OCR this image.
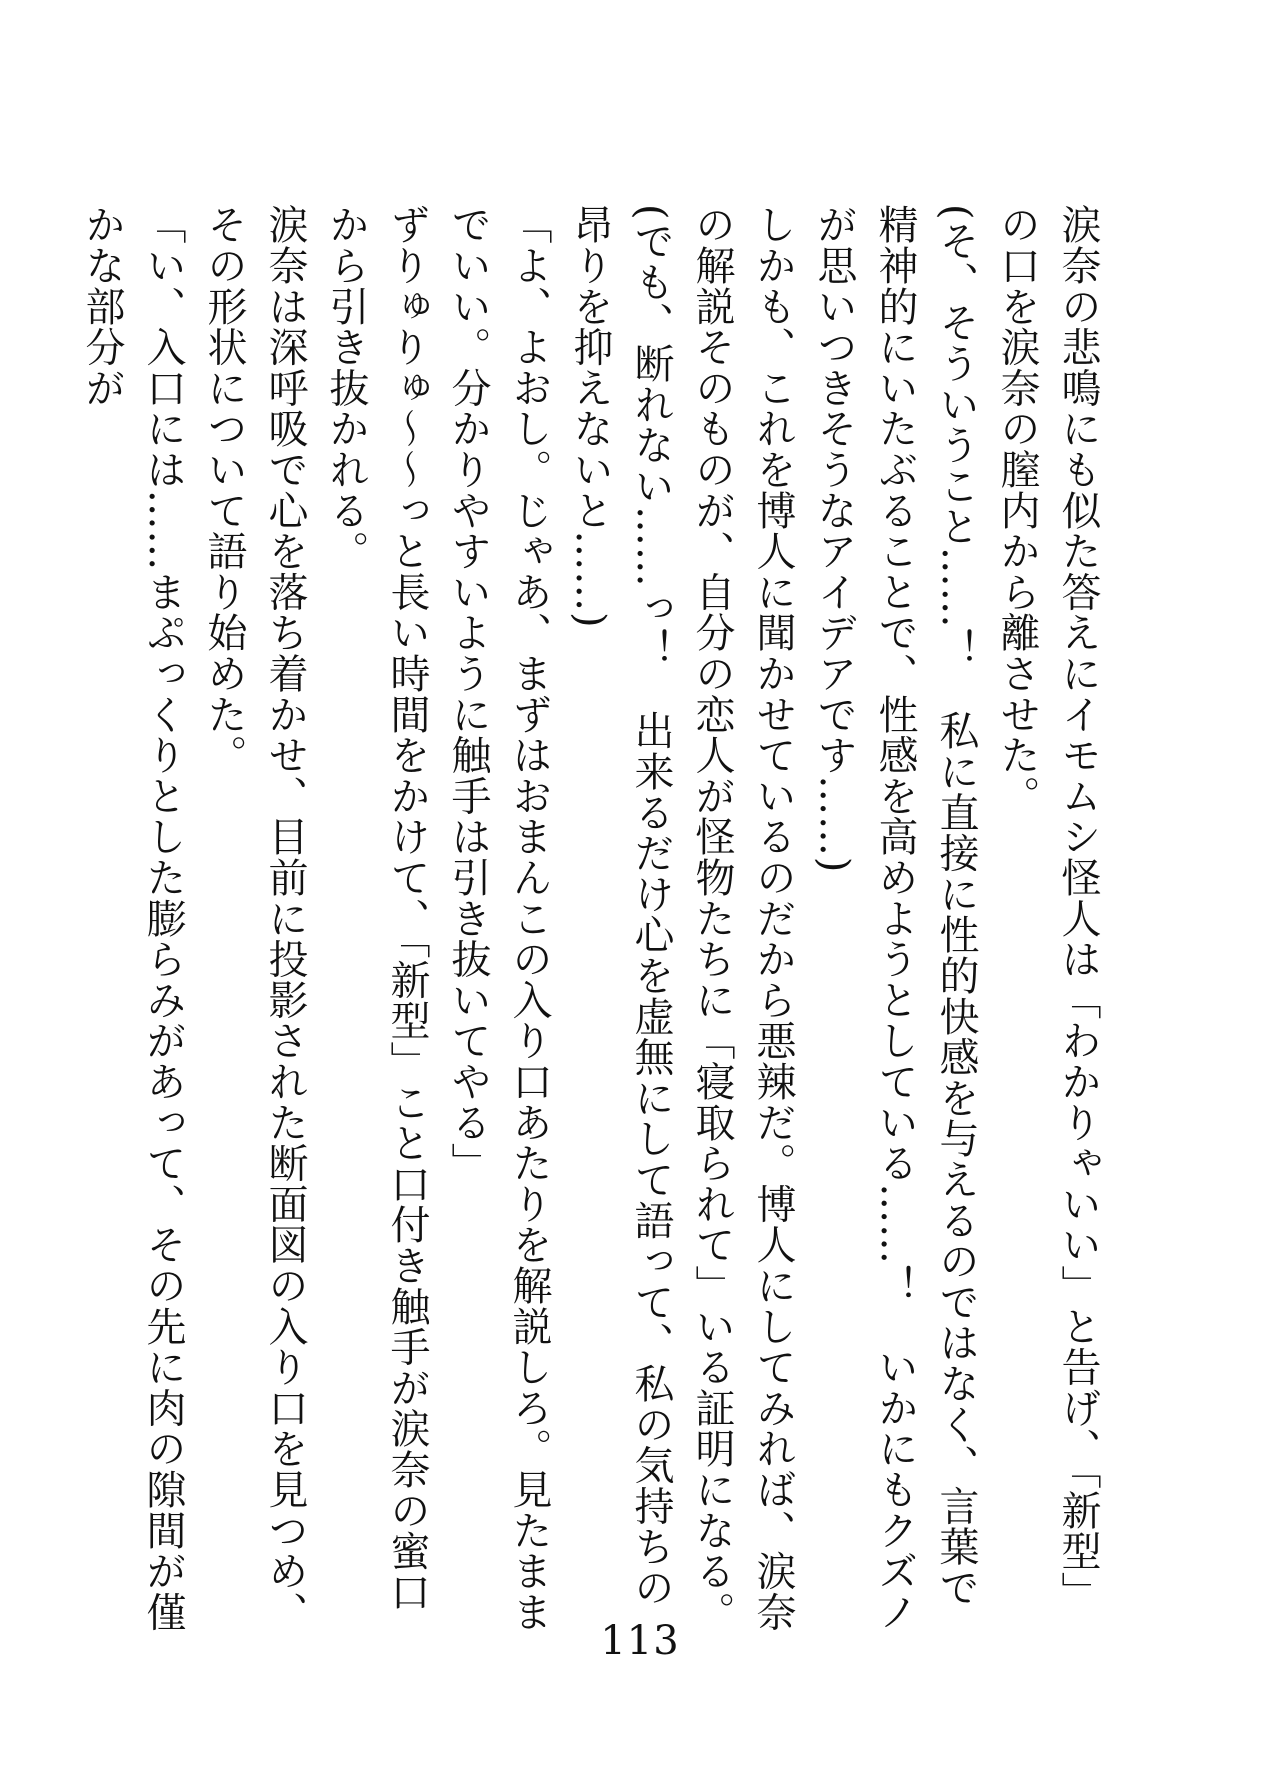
涙奈の悲鳴にも似た答えにイモムシ怪人は「わかりゃいい」と告げ、「新型」の口を涙奈の膣内から離させた。

(そ、そういうこと……！　私に直接に性的快感を与えるのではなく、言葉で精神的にいたぶることで、性感を高めようとしている……！　いかにもクズノが思いつきそうなアイデアです……)

しかも、これを博人に聞かせているのだから悪辣だ。博人にしてみれば、涙奈の解説そのものが、自分の恋人が怪物たちに「寝取られて」いる証明になる。

(でも、断れない……っ！　出来るだけ心を虚無にして語って、私の気持ちの昂りを抑えないと……)

「よ、よおし。じゃあ、まずはおまんこの入り口あたりを解説しろ。見たままでいい。分かりやすいように触手は引き抜いてやる」

ずりゅりゅ〜〜っと長い時間をかけて、「新型」こと口付き触手が涙奈の蜜口から引き抜かれる。

涙奈は深呼吸で心を落ち着かせ、目前に投影された断面図の入り口を見つめ、その形状について語り始めた。

「い、入口には……まぷっくりとした膨らみがあって、その先に肉の隙間が僅かな部分が

113
